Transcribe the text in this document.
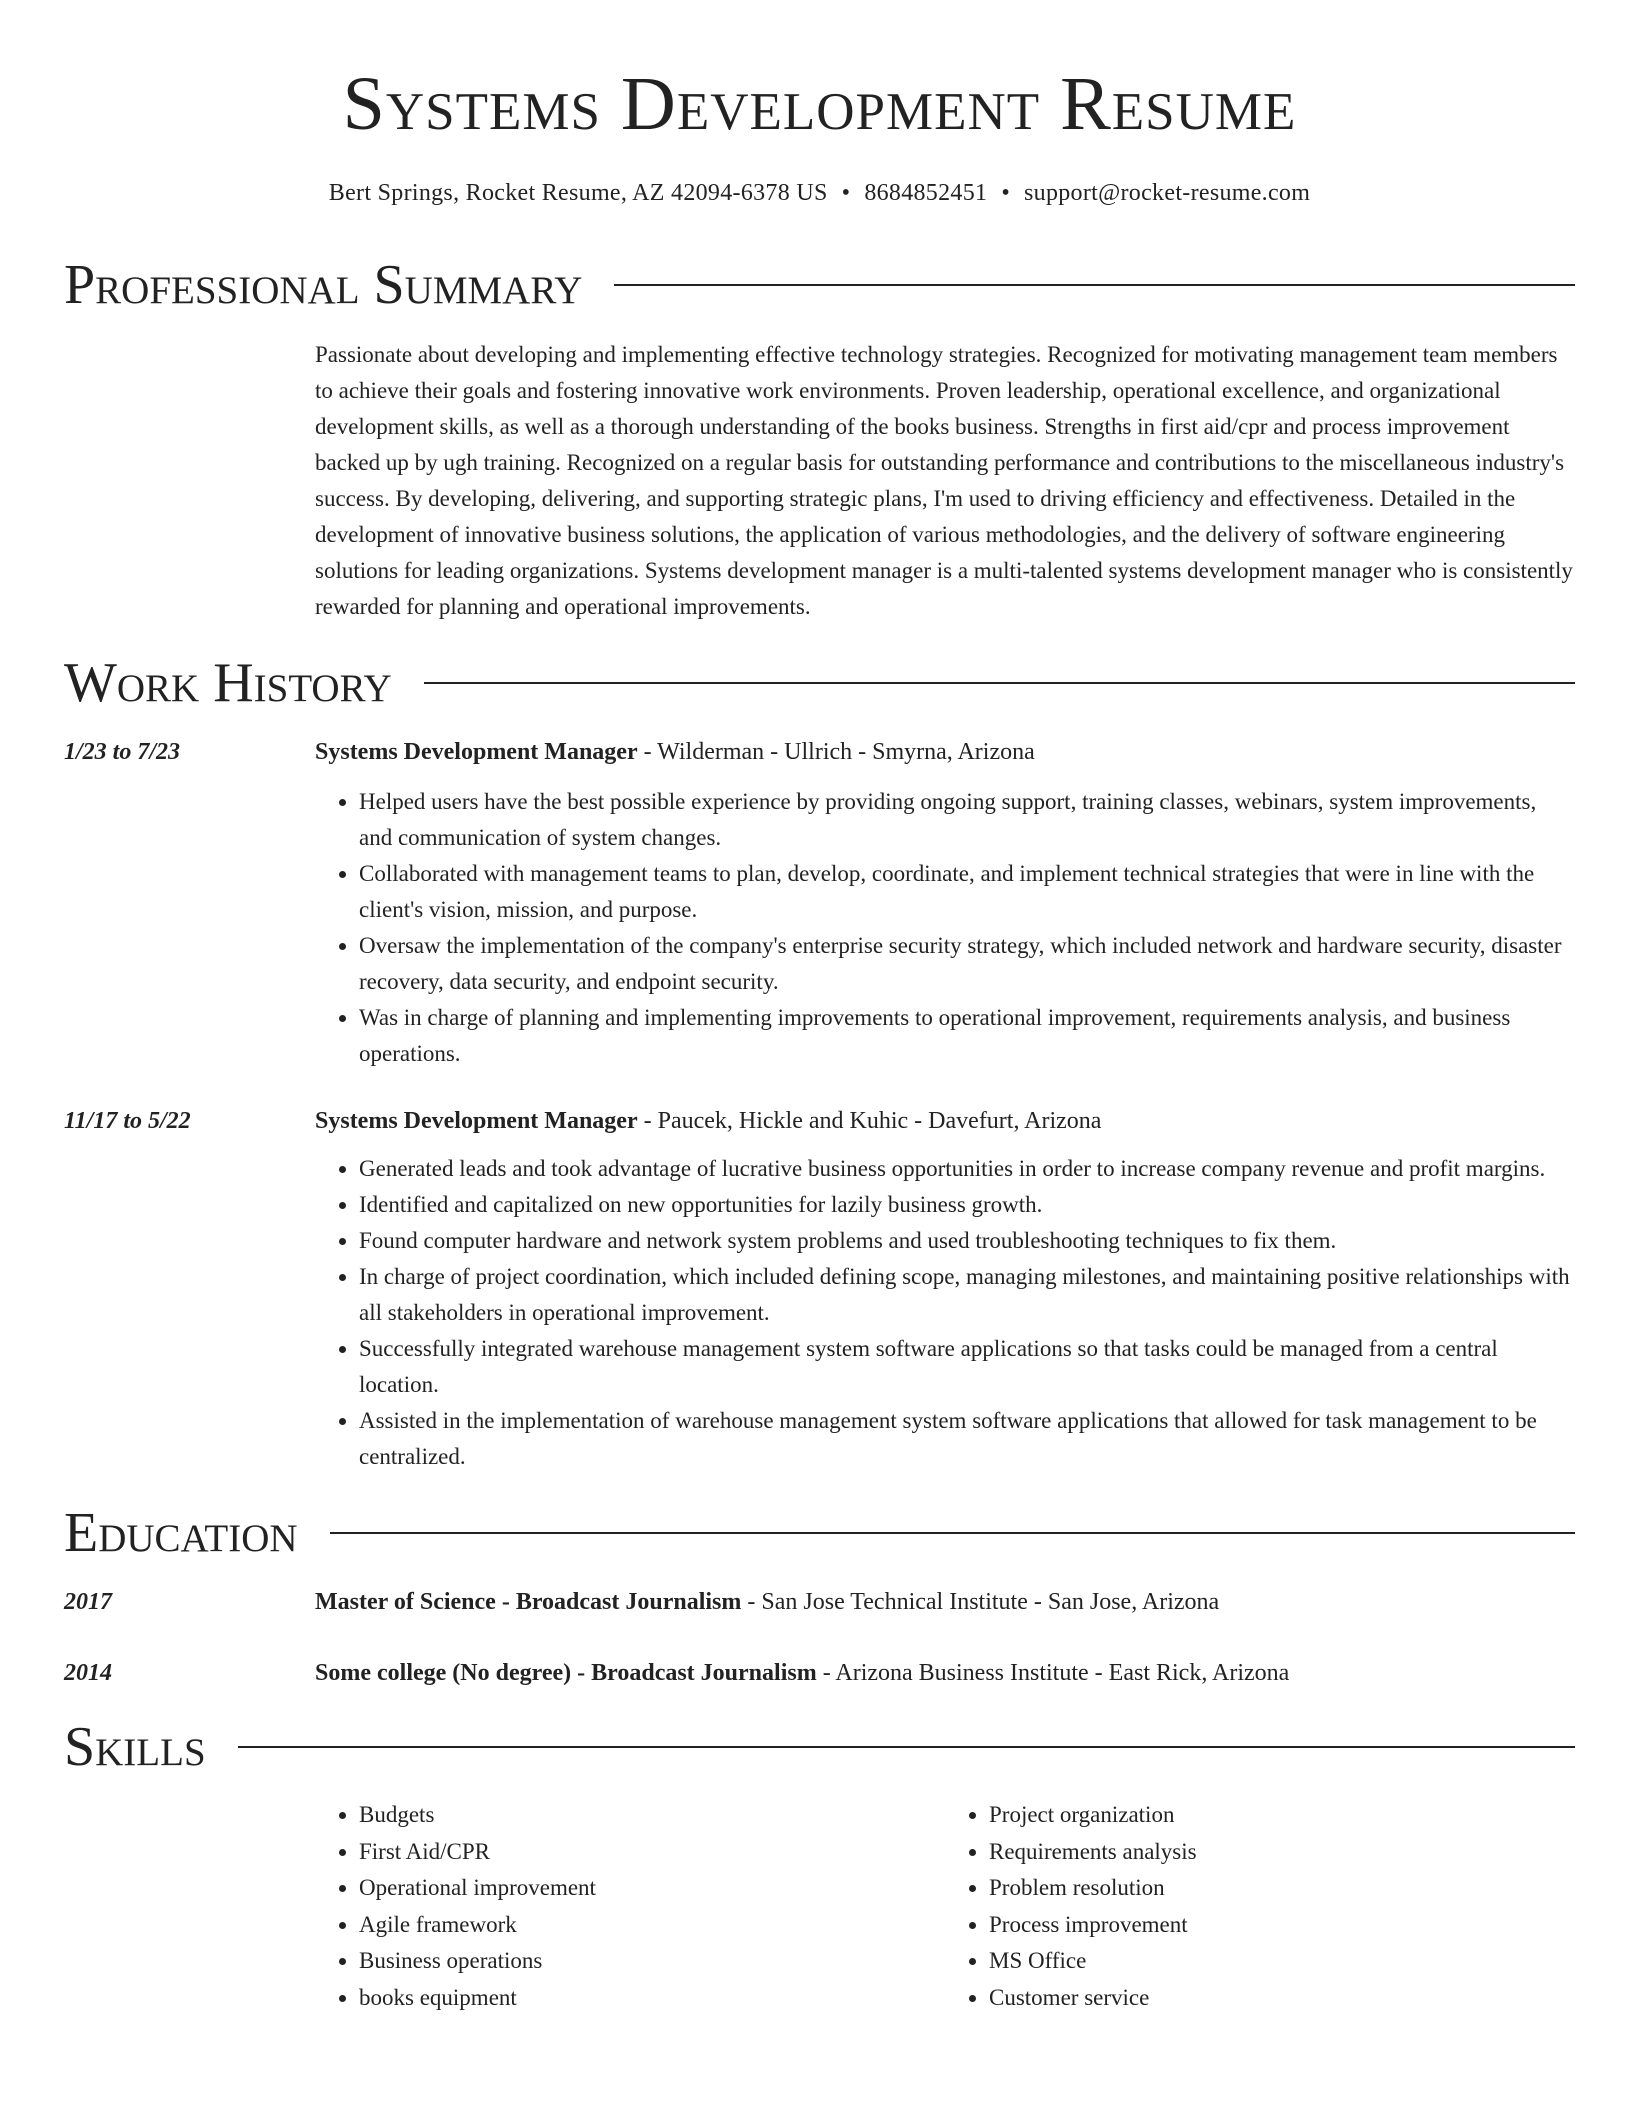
Systems Development Resume
Bert Springs, Rocket Resume, AZ 42094-6378 US • 8684852451 • support@rocket-resume.com
Professional Summary
Passionate about developing and implementing effective technology strategies. Recognized for motivating management team members to achieve their goals and fostering innovative work environments. Proven leadership, operational excellence, and organizational development skills, as well as a thorough understanding of the books business. Strengths in first aid/cpr and process improvement backed up by ugh training. Recognized on a regular basis for outstanding performance and contributions to the miscellaneous industry's success. By developing, delivering, and supporting strategic plans, I'm used to driving efficiency and effectiveness. Detailed in the development of innovative business solutions, the application of various methodologies, and the delivery of software engineering solutions for leading organizations. Systems development manager is a multi-talented systems development manager who is consistently rewarded for planning and operational improvements.
Work History
1/23 to 7/23	Systems Development Manager - Wilderman - Ullrich - Smyrna, Arizona
• Helped users have the best possible experience by providing ongoing support, training classes, webinars, system improvements, and communication of system changes.
• Collaborated with management teams to plan, develop, coordinate, and implement technical strategies that were in line with the client's vision, mission, and purpose.
• Oversaw the implementation of the company's enterprise security strategy, which included network and hardware security, disaster recovery, data security, and endpoint security.
• Was in charge of planning and implementing improvements to operational improvement, requirements analysis, and business operations.
11/17 to 5/22	Systems Development Manager - Paucek, Hickle and Kuhic - Davefurt, Arizona
• Generated leads and took advantage of lucrative business opportunities in order to increase company revenue and profit margins.
• Identified and capitalized on new opportunities for lazily business growth.
• Found computer hardware and network system problems and used troubleshooting techniques to fix them.
• In charge of project coordination, which included defining scope, managing milestones, and maintaining positive relationships with all stakeholders in operational improvement.
• Successfully integrated warehouse management system software applications so that tasks could be managed from a central location.
• Assisted in the implementation of warehouse management system software applications that allowed for task management to be centralized.
Education
2017	Master of Science - Broadcast Journalism - San Jose Technical Institute - San Jose, Arizona
2014	Some college (No degree) - Broadcast Journalism - Arizona Business Institute - East Rick, Arizona
Skills
• Budgets
• First Aid/CPR
• Operational improvement
• Agile framework
• Business operations
• books equipment
• Project organization
• Requirements analysis
• Problem resolution
• Process improvement
• MS Office
• Customer service
